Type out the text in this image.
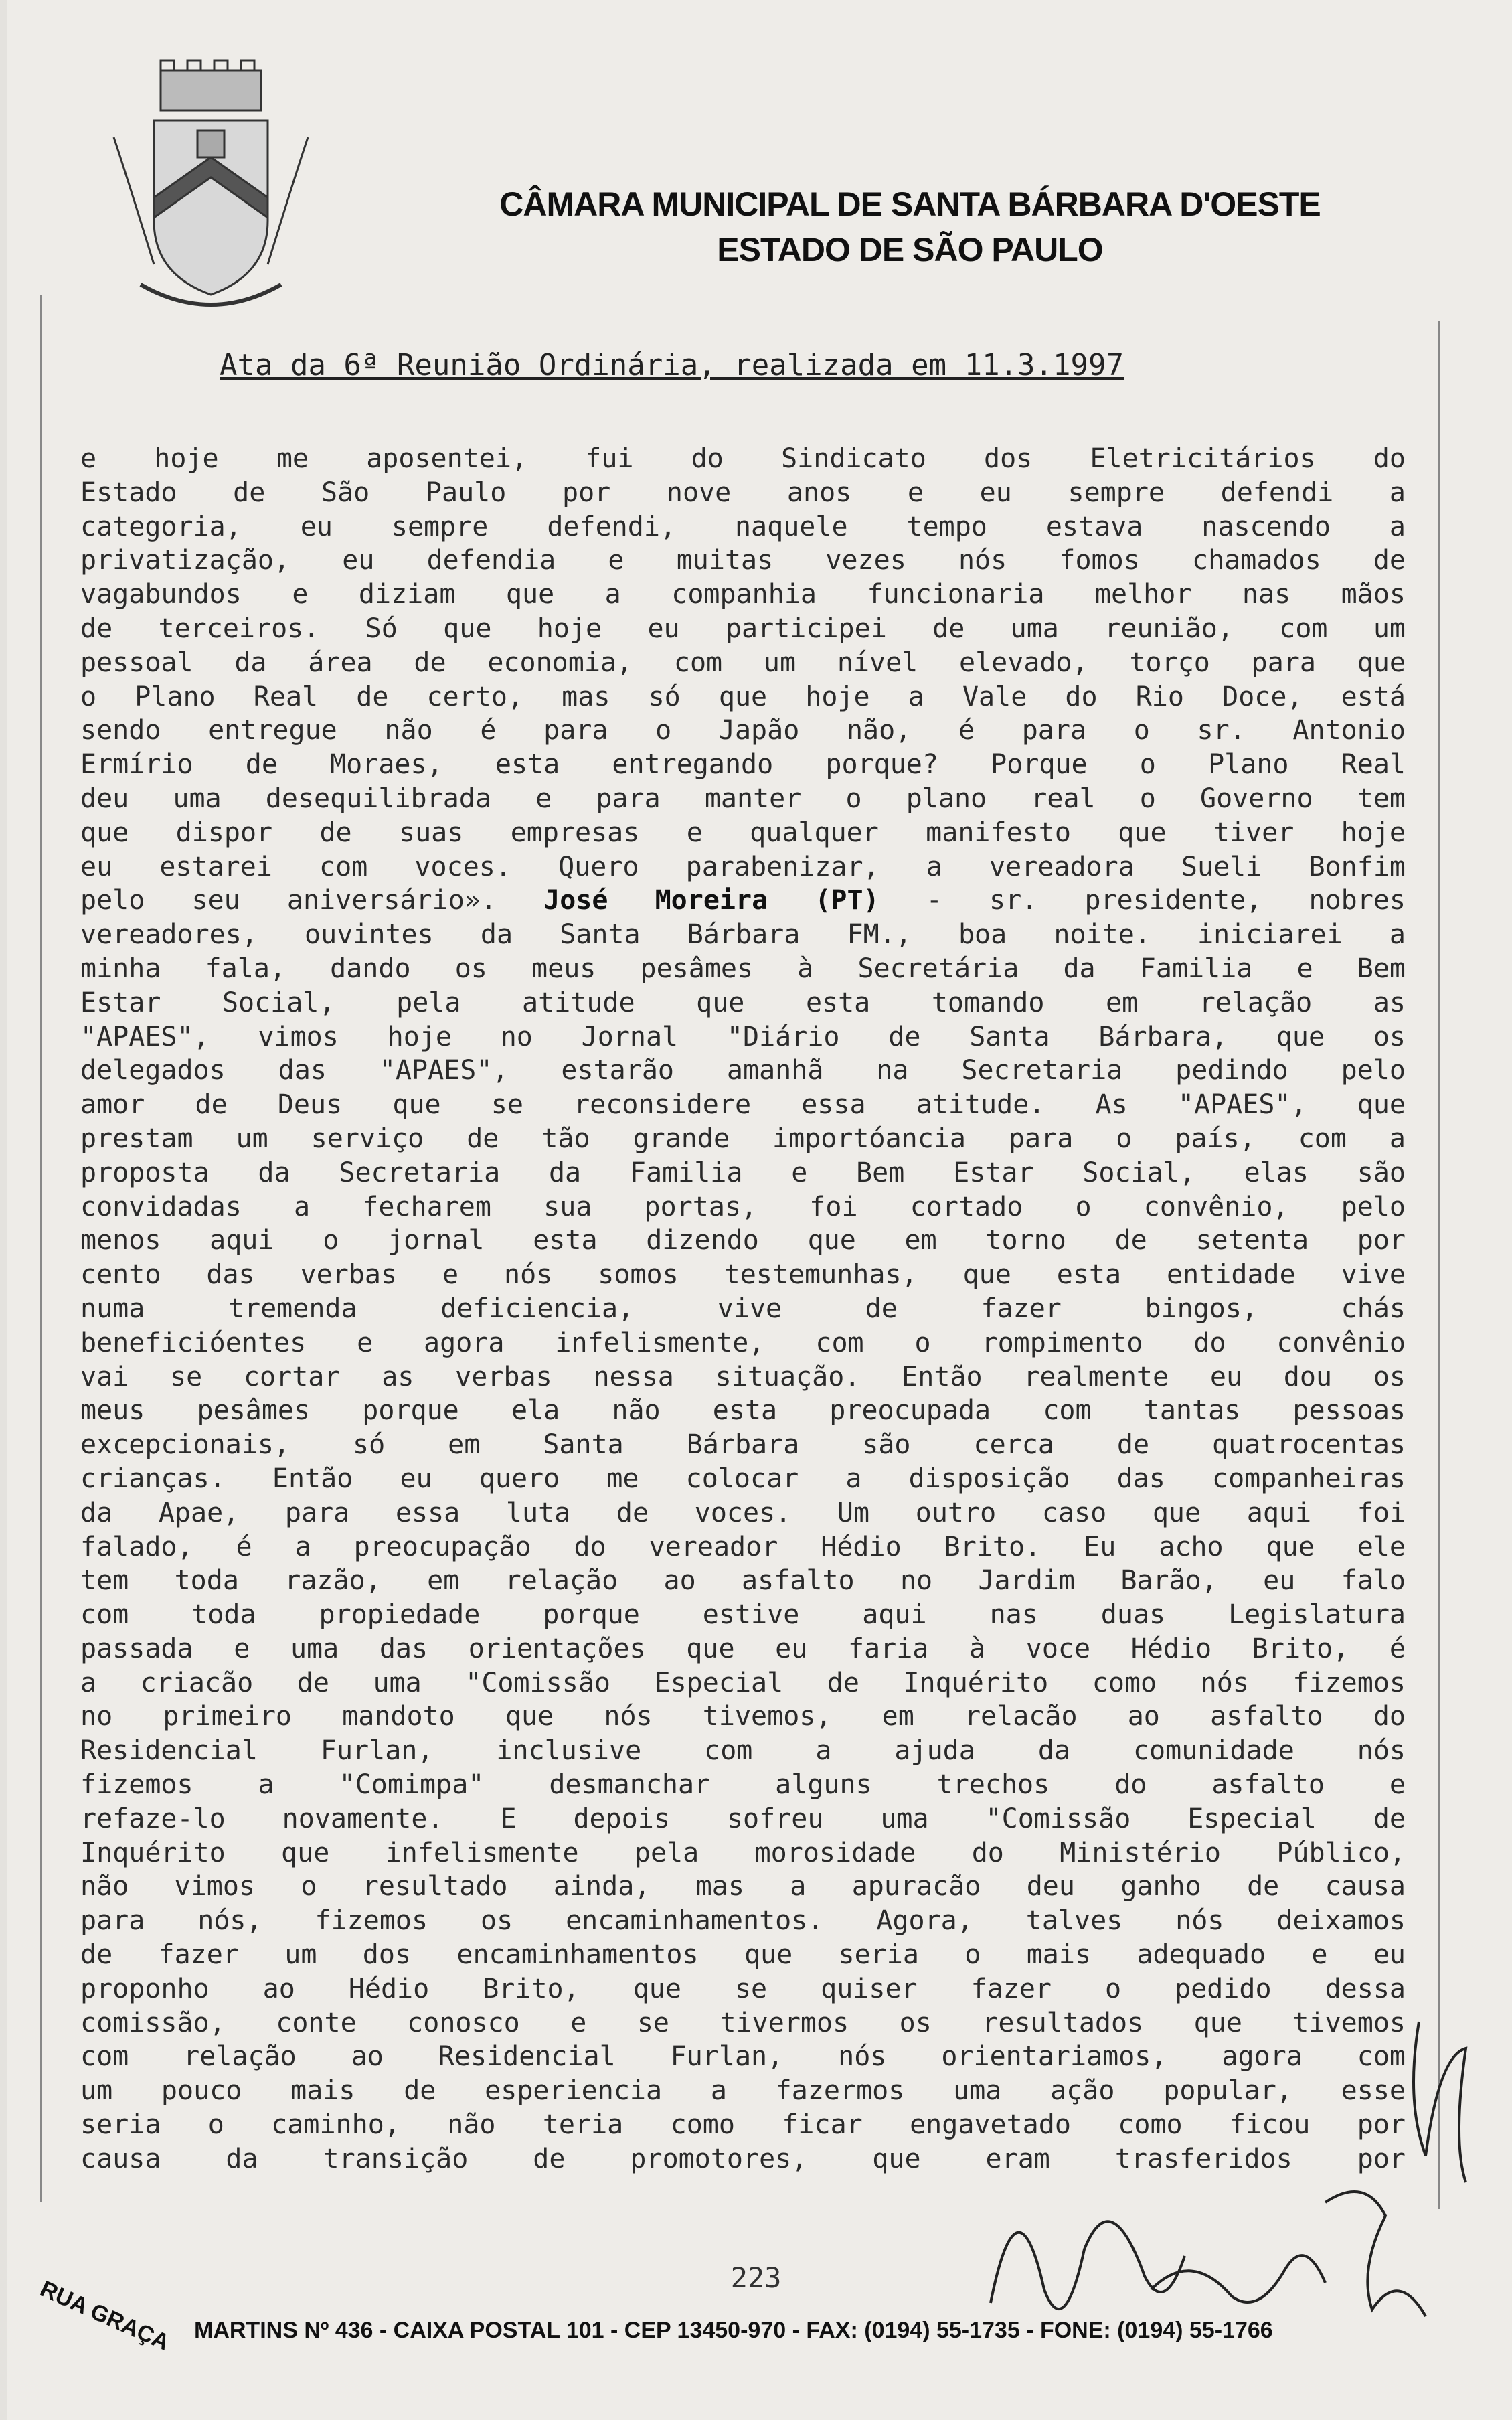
CÂMARA MUNICIPAL DE SANTA BÁRBARA D'OESTE
ESTADO DE SÃO PAULO
Ata da 6ª Reunião Ordinária, realizada em 11.3.1997
e hoje me aposentei, fui do Sindicato dos Eletricitários do
Estado de São Paulo por nove anos e eu sempre defendi a
categoria, eu sempre defendi, naquele tempo estava nascendo a
privatização, eu defendia e muitas vezes nós fomos chamados de
vagabundos e diziam que a companhia funcionaria melhor nas mãos
de terceiros. Só que hoje eu participei de uma reunião, com um
pessoal da área de economia, com um nível elevado, torço para que
o Plano Real de certo, mas só que hoje a Vale do Rio Doce, está
sendo entregue não é para o Japão não, é para o sr. Antonio
Ermírio de Moraes, esta entregando porque? Porque o Plano Real
deu uma desequilibrada e para manter o plano real o Governo tem
que dispor de suas empresas e qualquer manifesto que tiver hoje
eu estarei com voces. Quero parabenizar, a vereadora Sueli Bonfim
pelo seu aniversário». José Moreira (PT) - sr. presidente, nobres
vereadores, ouvintes da Santa Bárbara FM., boa noite. iniciarei a
minha fala, dando os meus pesâmes à Secretária da Familia e Bem
Estar Social, pela atitude que esta tomando em relação as
"APAES", vimos hoje no Jornal "Diário de Santa Bárbara, que os
delegados das "APAES", estarão amanhã na Secretaria pedindo pelo
amor de Deus que se reconsidere essa atitude. As "APAES", que
prestam um serviço de tão grande importóancia para o país, com a
proposta da Secretaria da Familia e Bem Estar Social, elas são
convidadas a fecharem sua portas, foi cortado o convênio, pelo
menos aqui o jornal esta dizendo que em torno de setenta por
cento das verbas e nós somos testemunhas, que esta entidade vive
numa tremenda deficiencia, vive de fazer bingos, chás
beneficióentes e agora infelismente, com o rompimento do convênio
vai se cortar as verbas nessa situação. Então realmente eu dou os
meus pesâmes porque ela não esta preocupada com tantas pessoas
excepcionais, só em Santa Bárbara são cerca de quatrocentas
crianças. Então eu quero me colocar a disposição das companheiras
da Apae, para essa luta de voces. Um outro caso que aqui foi
falado, é a preocupação do vereador Hédio Brito. Eu acho que ele
tem toda razão, em relação ao asfalto no Jardim Barão, eu falo
com toda propiedade porque estive aqui nas duas Legislatura
passada e uma das orientações que eu faria à voce Hédio Brito, é
a criacão de uma "Comissão Especial de Inquérito como nós fizemos
no primeiro mandoto que nós tivemos, em relacão ao asfalto do
Residencial Furlan, inclusive com a ajuda da comunidade nós
fizemos a "Comimpa" desmanchar alguns trechos do asfalto e
refaze-lo novamente. E depois sofreu uma "Comissão Especial de
Inquérito que infelismente pela morosidade do Ministério Público,
não vimos o resultado ainda, mas a apuracão deu ganho de causa
para nós, fizemos os encaminhamentos. Agora, talves nós deixamos
de fazer um dos encaminhamentos que seria o mais adequado e eu
proponho ao Hédio Brito, que se quiser fazer o pedido dessa
comissão, conte conosco e se tivermos os resultados que tivemos
com relação ao Residencial Furlan, nós orientariamos, agora com
um pouco mais de esperiencia a fazermos uma ação popular, esse
seria o caminho, não teria como ficar engavetado como ficou por
causa da transição de promotores, que eram trasferidos por
223
RUA GRAÇA MARTINS Nº 436 - CAIXA POSTAL 101 - CEP 13450-970 - FAX: (0194) 55-1735 - FONE: (0194) 55-1766
